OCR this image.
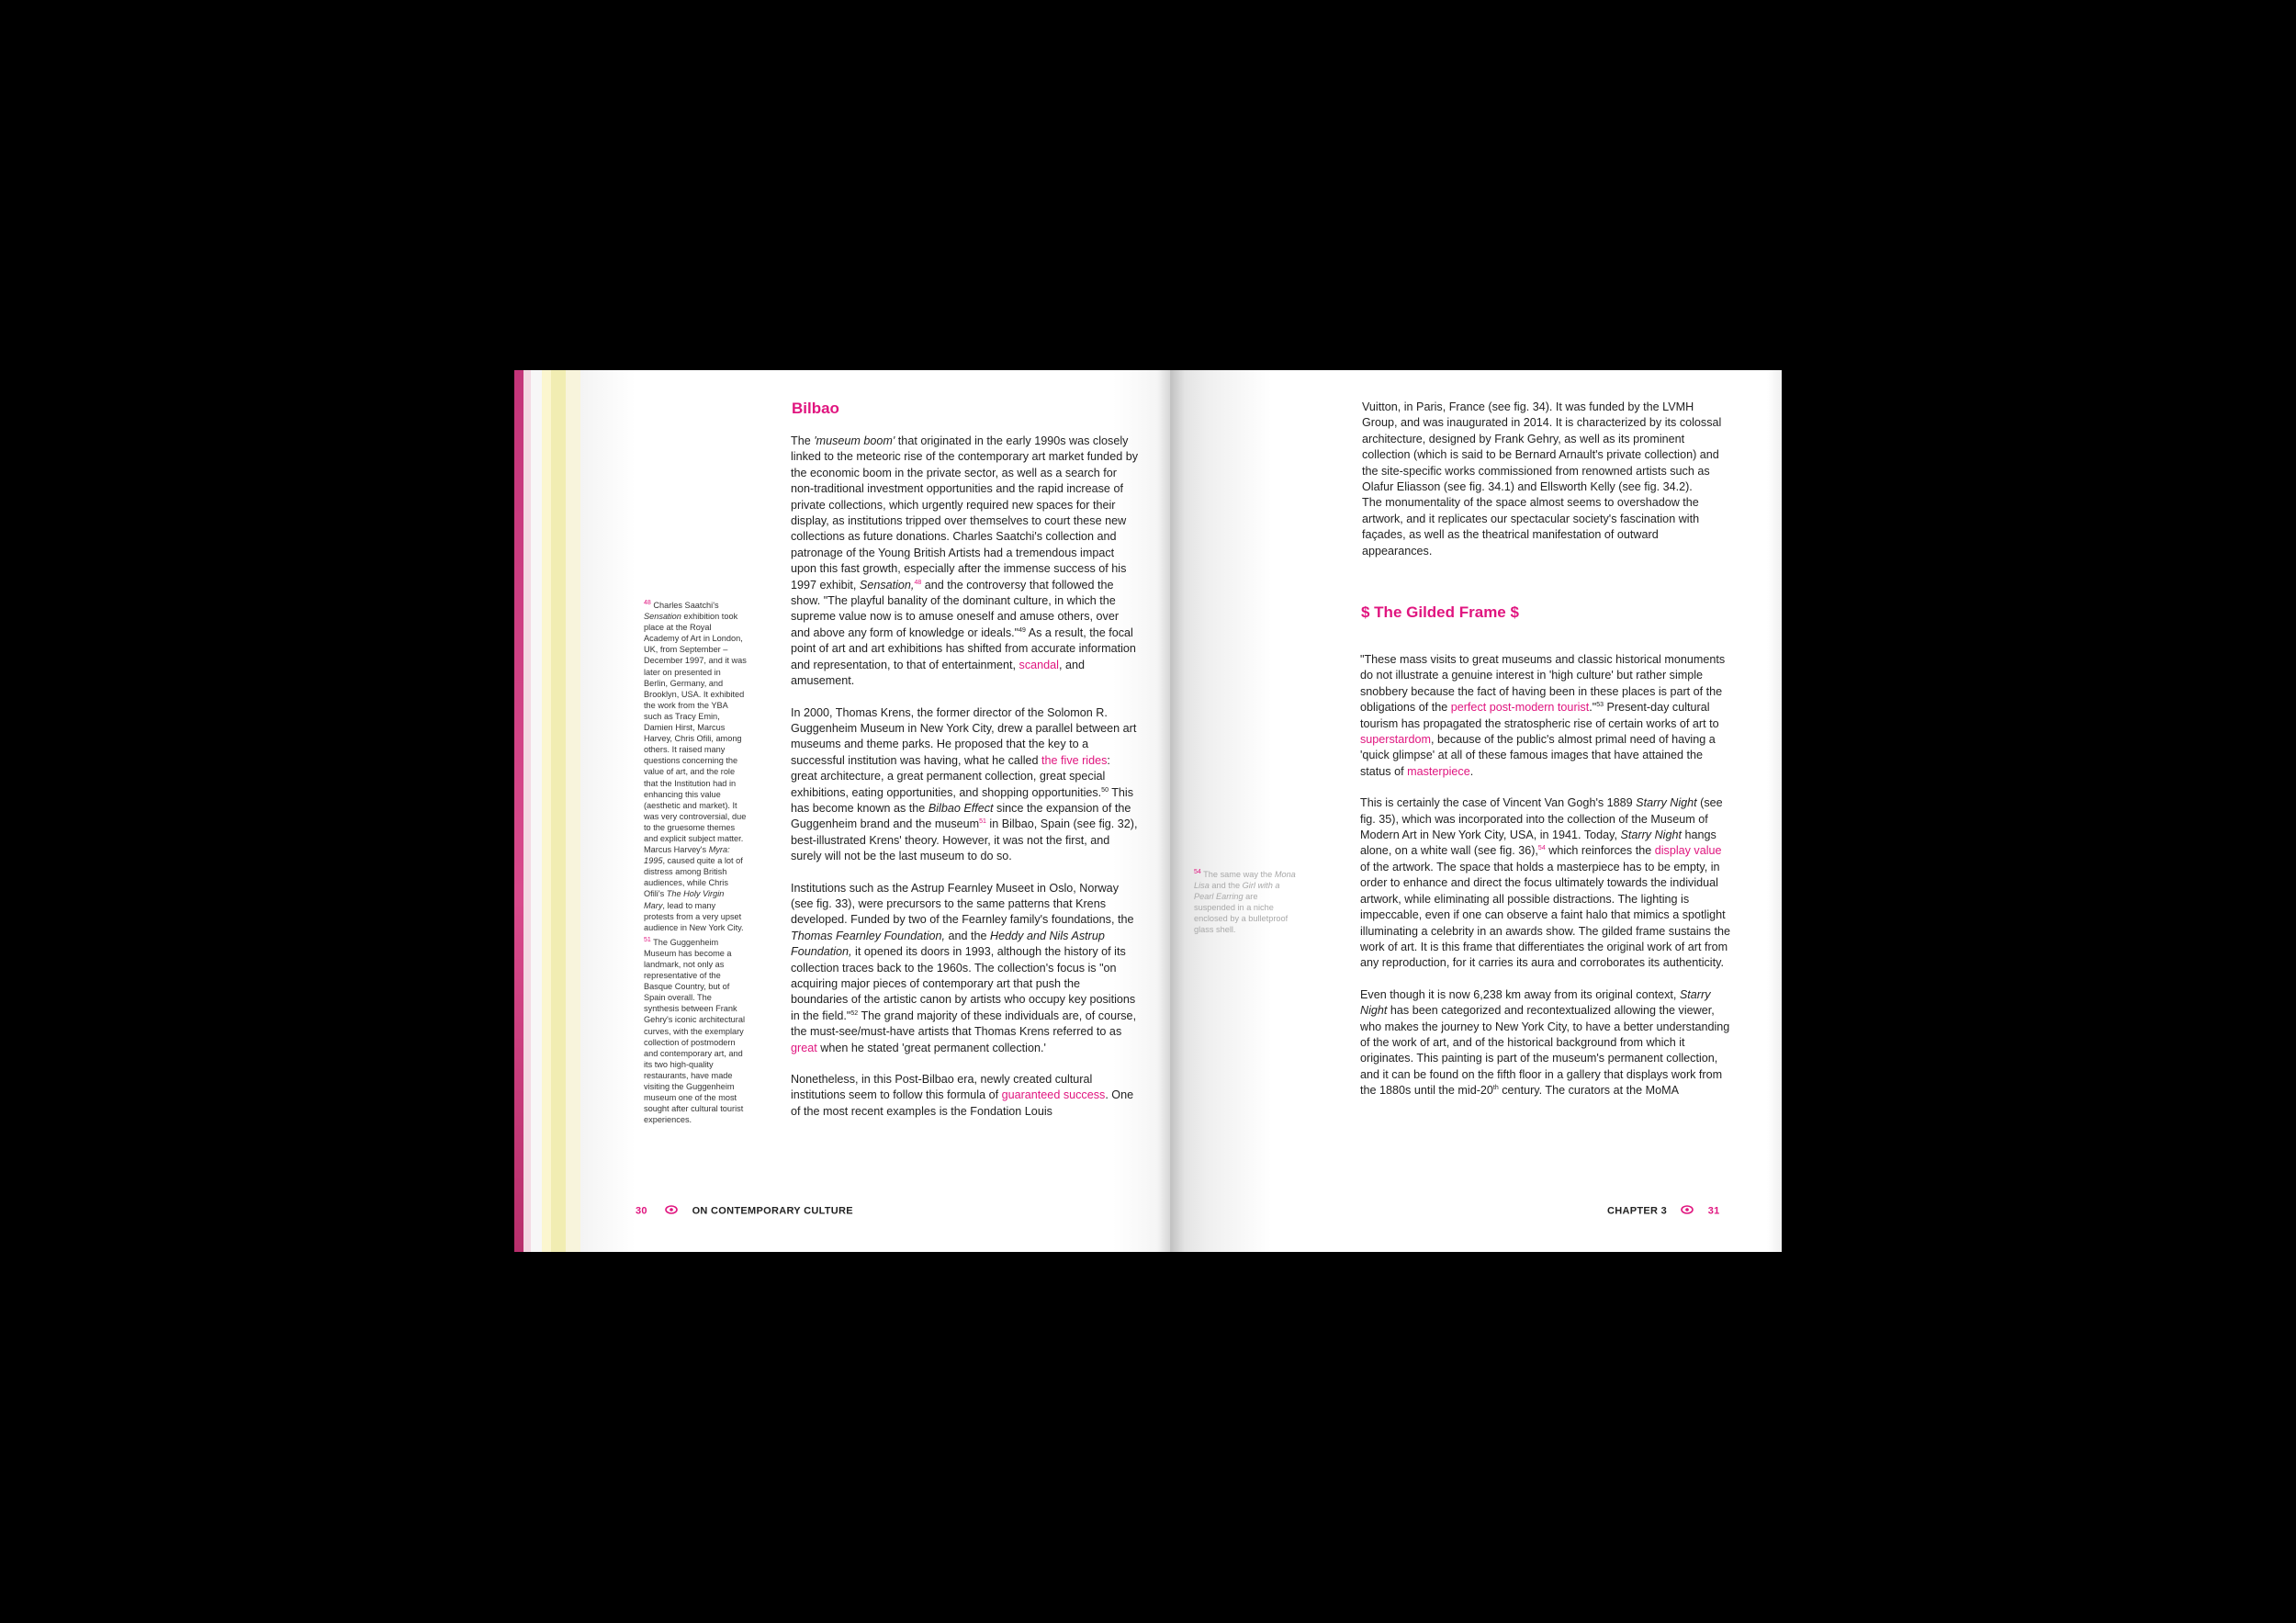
Bilbao

The 'museum boom' that originated in the early 1990s was closely linked to the meteoric rise of the contemporary art market funded by the economic boom in the private sector, as well as a search for non-traditional investment opportunities and the rapid increase of private collections, which urgently required new spaces for their display, as institutions tripped over themselves to court these new collections as future donations. Charles Saatchi's collection and patronage of the Young British Artists had a tremendous impact upon this fast growth, especially after the immense success of his 1997 exhibit, Sensation,$^{48}$ and the controversy that followed the show. "The playful banality of the dominant culture, in which the supreme value now is to amuse oneself and amuse others, over and above any form of knowledge or ideals."$^{49}$ As a result, the focal point of art and art exhibitions has shifted from accurate information and representation, to that of entertainment, scandal, and amusement.

In 2000, Thomas Krens, the former director of the Solomon R. Guggenheim Museum in New York City, drew a parallel between art museums and theme parks. He proposed that the key to a successful institution was having, what he called the five rides: great architecture, a great permanent collection, great special exhibitions, eating opportunities, and shopping opportunities.$^{50}$ This has become known as the Bilbao Effect since the expansion of the Guggenheim brand and the museum$^{51}$ in Bilbao, Spain (see fig. 32), best-illustrated Krens' theory. However, it was not the first, and surely will not be the last museum to do so.

Institutions such as the Astrup Fearnley Museet in Oslo, Norway (see fig. 33), were precursors to the same patterns that Krens developed. Funded by two of the Fearnley family's foundations, the Thomas Fearnley Foundation, and the Heddy and Nils Astrup Foundation, it opened its doors in 1993, although the history of its collection traces back to the 1960s. The collection's focus is "on acquiring major pieces of contemporary art that push the boundaries of the artistic canon by artists who occupy key positions in the field."$^{52}$ The grand majority of these individuals are, of course, the must-see/must-have artists that Thomas Krens referred to as great when he stated 'great permanent collection.'

Nonetheless, in this Post-Bilbao era, newly created cultural institutions seem to follow this formula of guaranteed success. One of the most recent examples is the Fondation Louis

$^{48}$ Charles Saatchi's Sensation exhibition took place at the Royal Academy of Art in London, UK, from September – December 1997, and it was later on presented in Berlin, Germany, and Brooklyn, USA. It exhibited the work from the YBA such as Tracy Emin, Damien Hirst, Marcus Harvey, Chris Ofili, among others. It raised many questions concerning the value of art, and the role that the Institution had in enhancing this value (aesthetic and market). It was very controversial, due to the gruesome themes and explicit subject matter. Marcus Harvey's Myra: 1995, caused quite a lot of distress among British audiences, while Chris Ofili's The Holy Virgin Mary, lead to many protests from a very upset audience in New York City.

$^{51}$ The Guggenheim Museum has become a landmark, not only as representative of the Basque Country, but of Spain overall. The synthesis between Frank Gehry's iconic architectural curves, with the exemplary collection of postmodern and contemporary art, and its two high-quality restaurants, have made visiting the Guggenheim museum one of the most sought after cultural tourist experiences.

30	ON CONTEMPORARY CULTURE

Vuitton, in Paris, France (see fig. 34). It was funded by the LVMH Group, and was inaugurated in 2014. It is characterized by its colossal architecture, designed by Frank Gehry, as well as its prominent collection (which is said to be Bernard Arnault's private collection) and the site-specific works commissioned from renowned artists such as Olafur Eliasson (see fig. 34.1) and Ellsworth Kelly (see fig. 34.2).
The monumentality of the space almost seems to overshadow the artwork, and it replicates our spectacular society's fascination with façades, as well as the theatrical manifestation of outward appearances.

$ The Gilded Frame $

"These mass visits to great museums and classic historical monuments do not illustrate a genuine interest in 'high culture' but rather simple snobbery because the fact of having been in these places is part of the obligations of the perfect post-modern tourist."$^{53}$ Present-day cultural tourism has propagated the stratospheric rise of certain works of art to superstardom, because of the public's almost primal need of having a 'quick glimpse' at all of these famous images that have attained the status of masterpiece.

This is certainly the case of Vincent Van Gogh's 1889 Starry Night (see fig. 35), which was incorporated into the collection of the Museum of Modern Art in New York City, USA, in 1941. Today, Starry Night hangs alone, on a white wall (see fig. 36),$^{54}$ which reinforces the display value of the artwork. The space that holds a masterpiece has to be empty, in order to enhance and direct the focus ultimately towards the individual artwork, while eliminating all possible distractions. The lighting is impeccable, even if one can observe a faint halo that mimics a spotlight illuminating a celebrity in an awards show. The gilded frame sustains the work of art. It is this frame that differentiates the original work of art from any reproduction, for it carries its aura and corroborates its authenticity.

Even though it is now 6,238 km away from its original context, Starry Night has been categorized and recontextualized allowing the viewer, who makes the journey to New York City, to have a better understanding of the work of art, and of the historical background from which it originates. This painting is part of the museum's permanent collection, and it can be found on the fifth floor in a gallery that displays work from the 1880s until the mid-20th century. The curators at the MoMA

$^{54}$ The same way the Mona Lisa and the Girl with a Pearl Earring are suspended in a niche enclosed by a bulletproof glass shell.

CHAPTER 3	31
